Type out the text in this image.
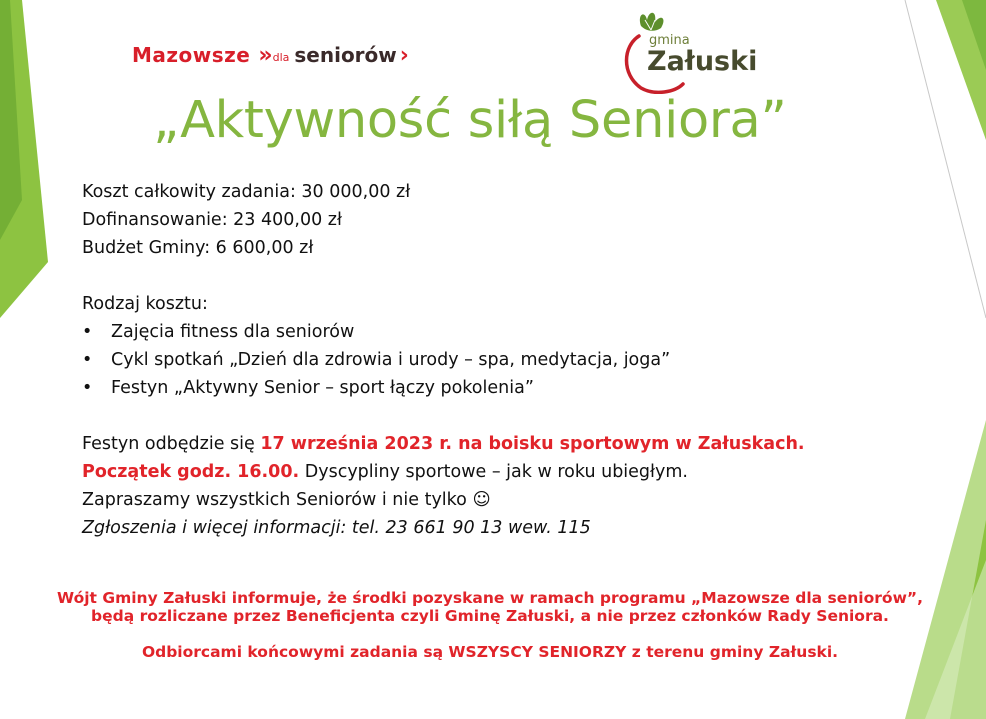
Mazowsze » dla seniorów ›
gmina
Załuski
„Aktywność siłą Seniora”
Koszt całkowity zadania: 30 000,00 zł
Dofinansowanie: 23 400,00 zł
Budżet Gminy: 6 600,00 zł
Rodzaj kosztu:
•	Zajęcia fitness dla seniorów
•	Cykl spotkań „Dzień dla zdrowia i urody – spa, medytacja, joga”
•	Festyn „Aktywny Senior – sport łączy pokolenia”
Festyn odbędzie się 17 września 2023 r. na boisku sportowym w Załuskach.
Początek godz. 16.00. Dyscypliny sportowe – jak w roku ubiegłym.
Zapraszamy wszystkich Seniorów i nie tylko ☺
Zgłoszenia i więcej informacji: tel. 23 661 90 13 wew. 115

Wójt Gminy Załuski informuje, że środki pozyskane w ramach programu „Mazowsze dla seniorów”, będą rozliczane przez Beneficjenta czyli Gminę Załuski, a nie przez członków Rady Seniora.

Odbiorcami końcowymi zadania są WSZYSCY SENIORZY z terenu gminy Załuski.
